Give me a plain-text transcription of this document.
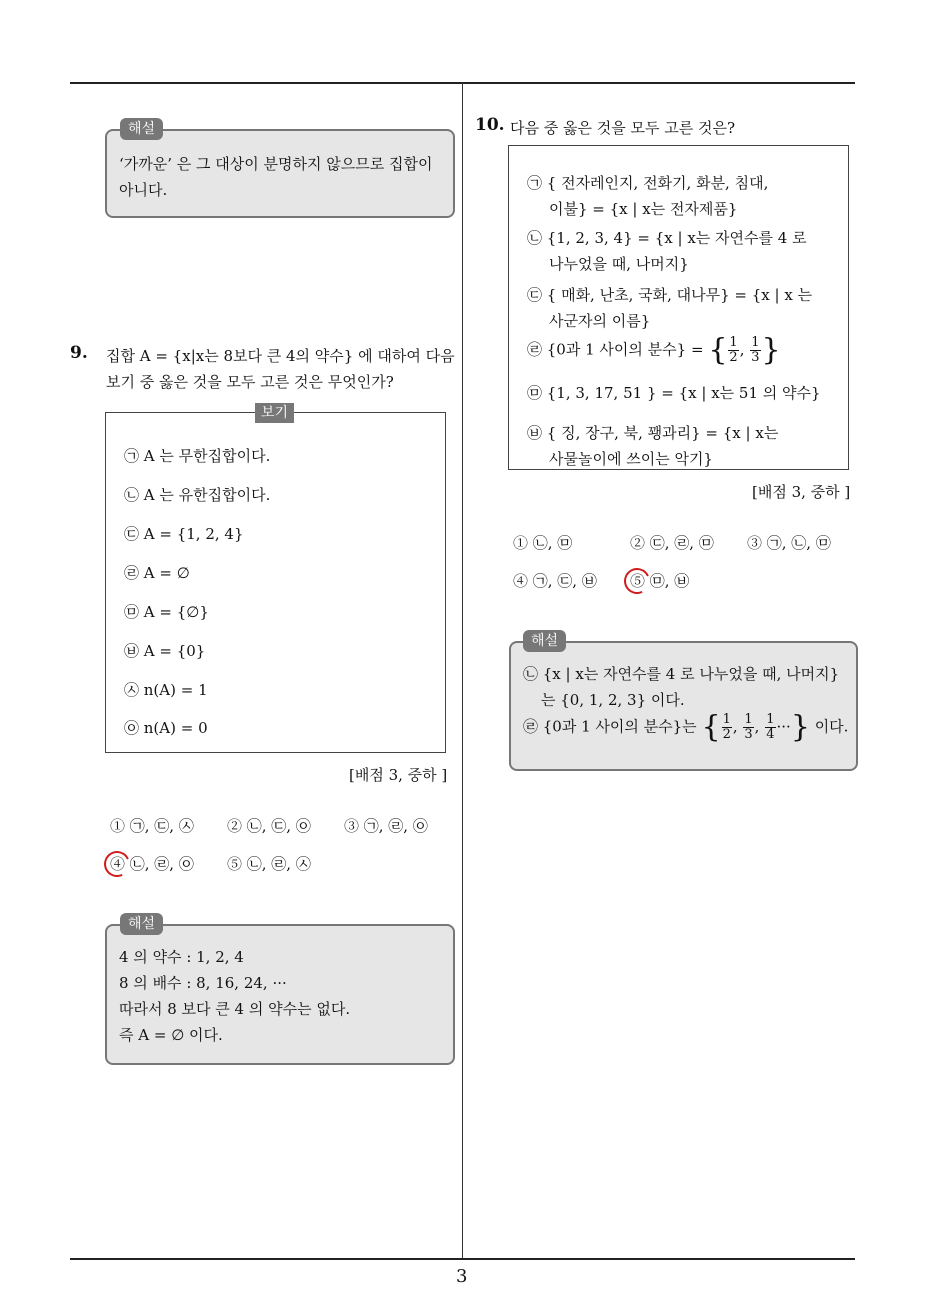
3
‘가까운’ 은 그 대상이 분명하지 않으므로 집합이
아니다.
해설
9. 집합 A = {x|x는 8보다 큰 4의 약수} 에 대하여 다음
보기 중 옳은 것을 모두 고른 것은 무엇인가?
㉠ A 는 무한집합이다.
㉡ A 는 유한집합이다.
㉢ A = {1, 2, 4}
㉣ A = ∅
㉤ A = {∅}
㉥ A = {0}
㉦ n(A) = 1
㉧ n(A) = 0
보기
[배점 3, 중하 ]
① ㉠, ㉢, ㉦ ② ㉡, ㉢, ㉧ ③ ㉠, ㉣, ㉧
④ ㉡, ㉣, ㉧ ⑤ ㉡, ㉣, ㉦
4 의 약수 : 1, 2, 4
8 의 배수 : 8, 16, 24, ···
따라서 8 보다 큰 4 의 약수는 없다.
즉 A = ∅ 이다.
해설
10. 다음 중 옳은 것을 모두 고른 것은?
㉠ { 전자레인지, 전화기, 화분, 침대,
이불} = {x | x는 전자제품}
㉡ {1, 2, 3, 4} = {x | x는 자연수를 4 로
나누었을 때, 나머지}
㉢ { 매화, 난초, 국화, 대나무} = {x | x 는
사군자의 이름}
㉣ {0과 1 사이의 분수} = { $\frac{1}{2}$ , $\frac{1}{3}$ }
㉤ {1, 3, 17, 51 } = {x | x는 51 의 약수}
㉥ { 징, 장구, 북, 꽹과리} = {x | x는
사물놀이에 쓰이는 악기}
[배점 3, 중하 ]
① ㉡, ㉤	② ㉢, ㉣, ㉤ ③ ㉠, ㉡, ㉤
④ ㉠, ㉢, ㉥ ⑤ ㉤, ㉥
㉡ {x | x는 자연수를 4 로 나누었을 때, 나머지}
는 {0, 1, 2, 3} 이다.
㉣ {0과 1 사이의 분수}는 { $\frac{1}{2}$ , $\frac{1}{3}$ , $\frac{1}{4}$ ···} 이다.
해설
